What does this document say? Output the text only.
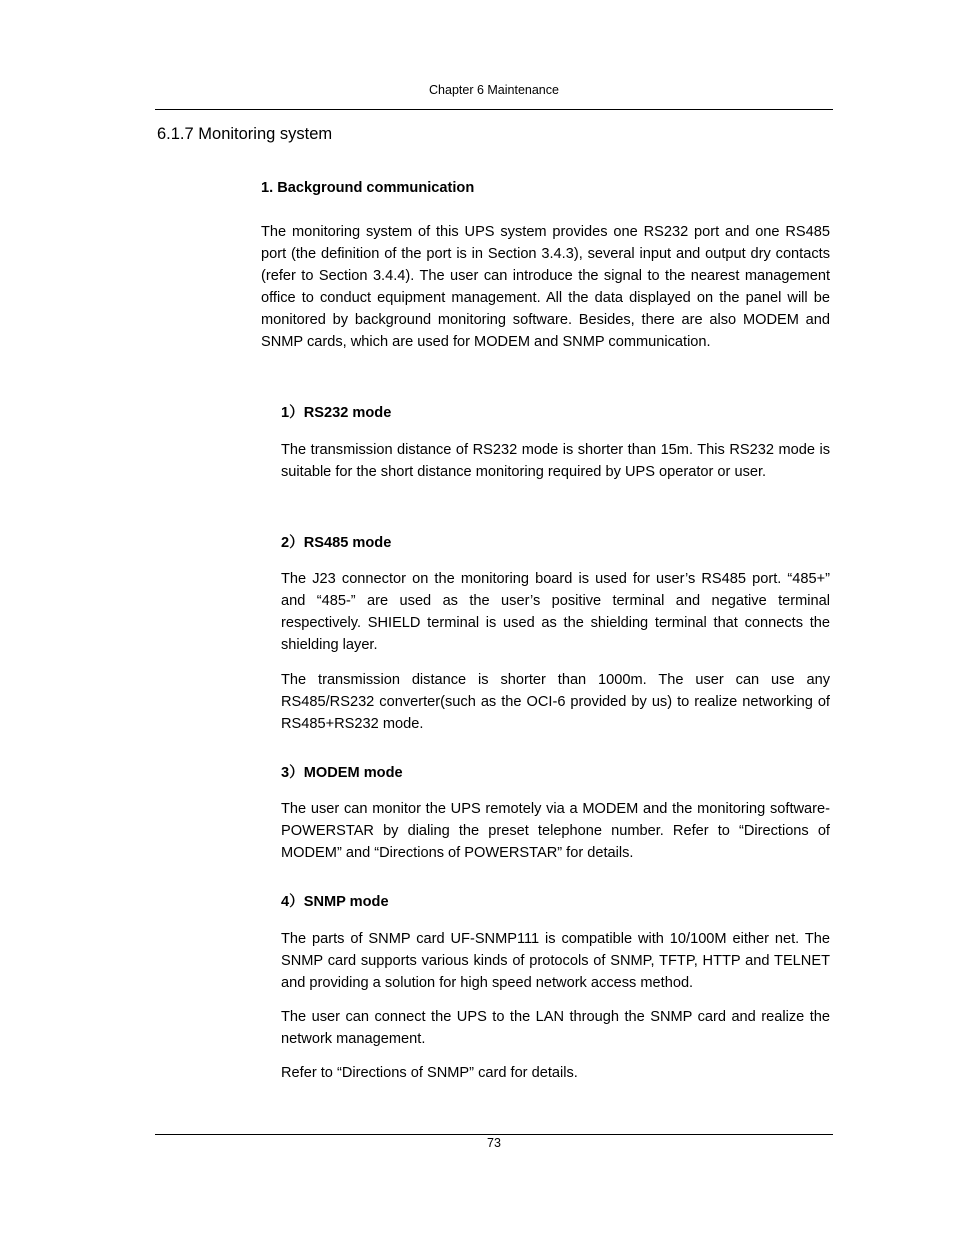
Chapter 6 Maintenance
6.1.7 Monitoring system
1. Background communication
The monitoring system of this UPS system provides one RS232 port and one RS485 port (the definition of the port is in Section 3.4.3), several input and output dry contacts (refer to Section 3.4.4). The user can introduce the signal to the nearest management office to conduct equipment management. All the data displayed on the panel will be monitored by background monitoring software. Besides, there are also MODEM and SNMP cards, which are used for MODEM and SNMP communication.
1）RS232 mode
The transmission distance of RS232 mode is shorter than 15m. This RS232 mode is suitable for the short distance monitoring required by UPS operator or user.
2）RS485 mode
The J23 connector on the monitoring board is used for user’s RS485 port. “485+” and “485-” are used as the user’s positive terminal and negative terminal respectively. SHIELD terminal is used as the shielding terminal that connects the shielding layer.
The transmission distance is shorter than 1000m. The user can use any RS485/RS232 converter(such as the OCI-6 provided by us) to realize networking of RS485+RS232 mode.
3）MODEM mode
The user can monitor the UPS remotely via a MODEM and the monitoring software- POWERSTAR by dialing the preset telephone number. Refer to “Directions of MODEM” and “Directions of POWERSTAR” for details.
4）SNMP mode
The parts of SNMP card UF-SNMP111 is compatible with 10/100M either net. The SNMP card supports various kinds of protocols of SNMP, TFTP, HTTP and TELNET and providing a solution for high speed network access method.
The user can connect the UPS to the LAN through the SNMP card and realize the network management.
Refer to “Directions of SNMP” card for details.
73
